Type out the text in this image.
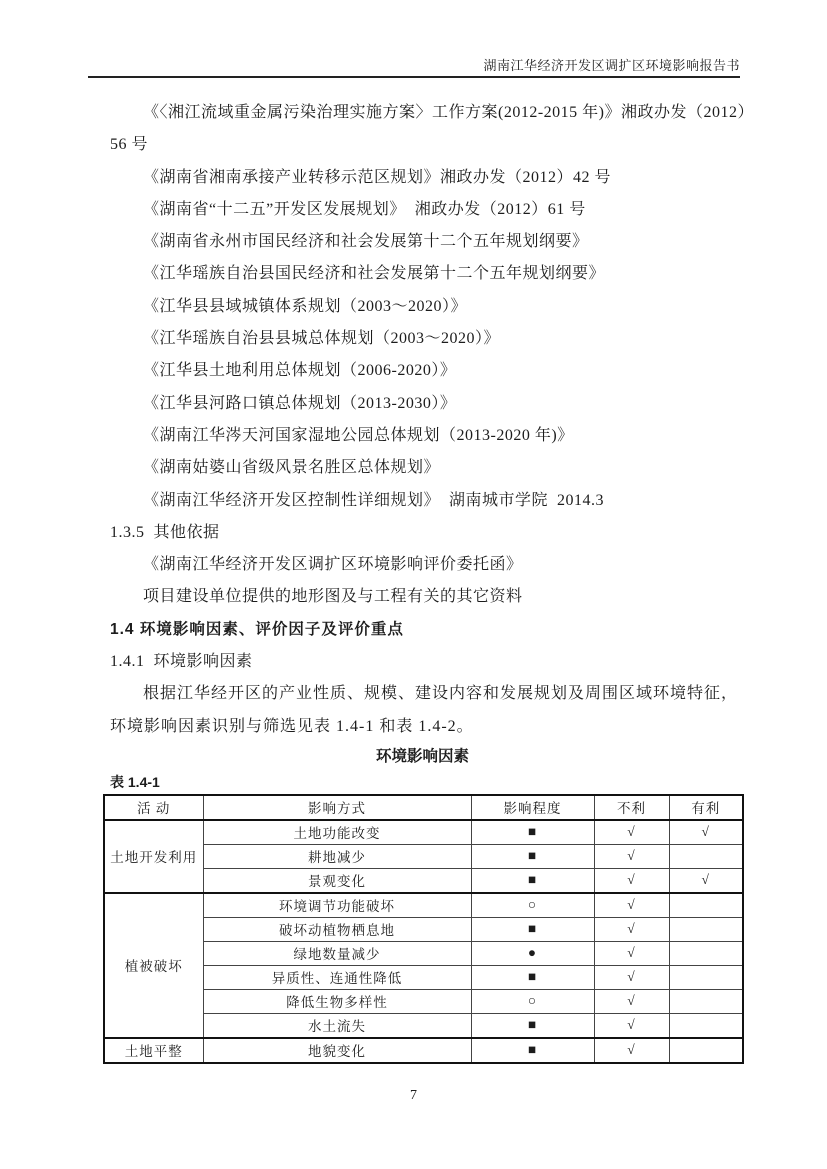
湖南江华经济开发区调扩区环境影响报告书
《〈湘江流域重金属污染治理实施方案〉工作方案(2012-2015 年)》湘政办发（2012）
56 号
《湖南省湘南承接产业转移示范区规划》湘政办发（2012）42 号
《湖南省“十二五”开发区发展规划》  湘政办发（2012）61 号
《湖南省永州市国民经济和社会发展第十二个五年规划纲要》
《江华瑶族自治县国民经济和社会发展第十二个五年规划纲要》
《江华县县域城镇体系规划（2003～2020）》
《江华瑶族自治县县城总体规划（2003～2020）》
《江华县土地利用总体规划（2006-2020）》
《江华县河路口镇总体规划（2013-2030）》
《湖南江华涔天河国家湿地公园总体规划（2013-2020 年)》
《湖南姑婆山省级风景名胜区总体规划》
《湖南江华经济开发区控制性详细规划》  湖南城市学院  2014.3
1.3.5  其他依据
《湖南江华经济开发区调扩区环境影响评价委托函》
项目建设单位提供的地形图及与工程有关的其它资料
1.4 环境影响因素、评价因子及评价重点
1.4.1  环境影响因素
根据江华经开区的产业性质、规模、建设内容和发展规划及周围区域环境特征，
环境影响因素识别与筛选见表 1.4-1 和表 1.4-2。
环境影响因素
表 1.4-1
活 动	影响方式	影响程度	不利	有利
土地开发利用	土地功能改变	■	√	√
	耕地减少	■	√	
	景观变化	■	√	√
植被破坏	环境调节功能破坏	○	√	
	破坏动植物栖息地	■	√	
	绿地数量减少	●	√	
	异质性、连通性降低	■	√	
	降低生物多样性	○	√	
	水土流失	■	√	
土地平整	地貌变化	■	√	
7
